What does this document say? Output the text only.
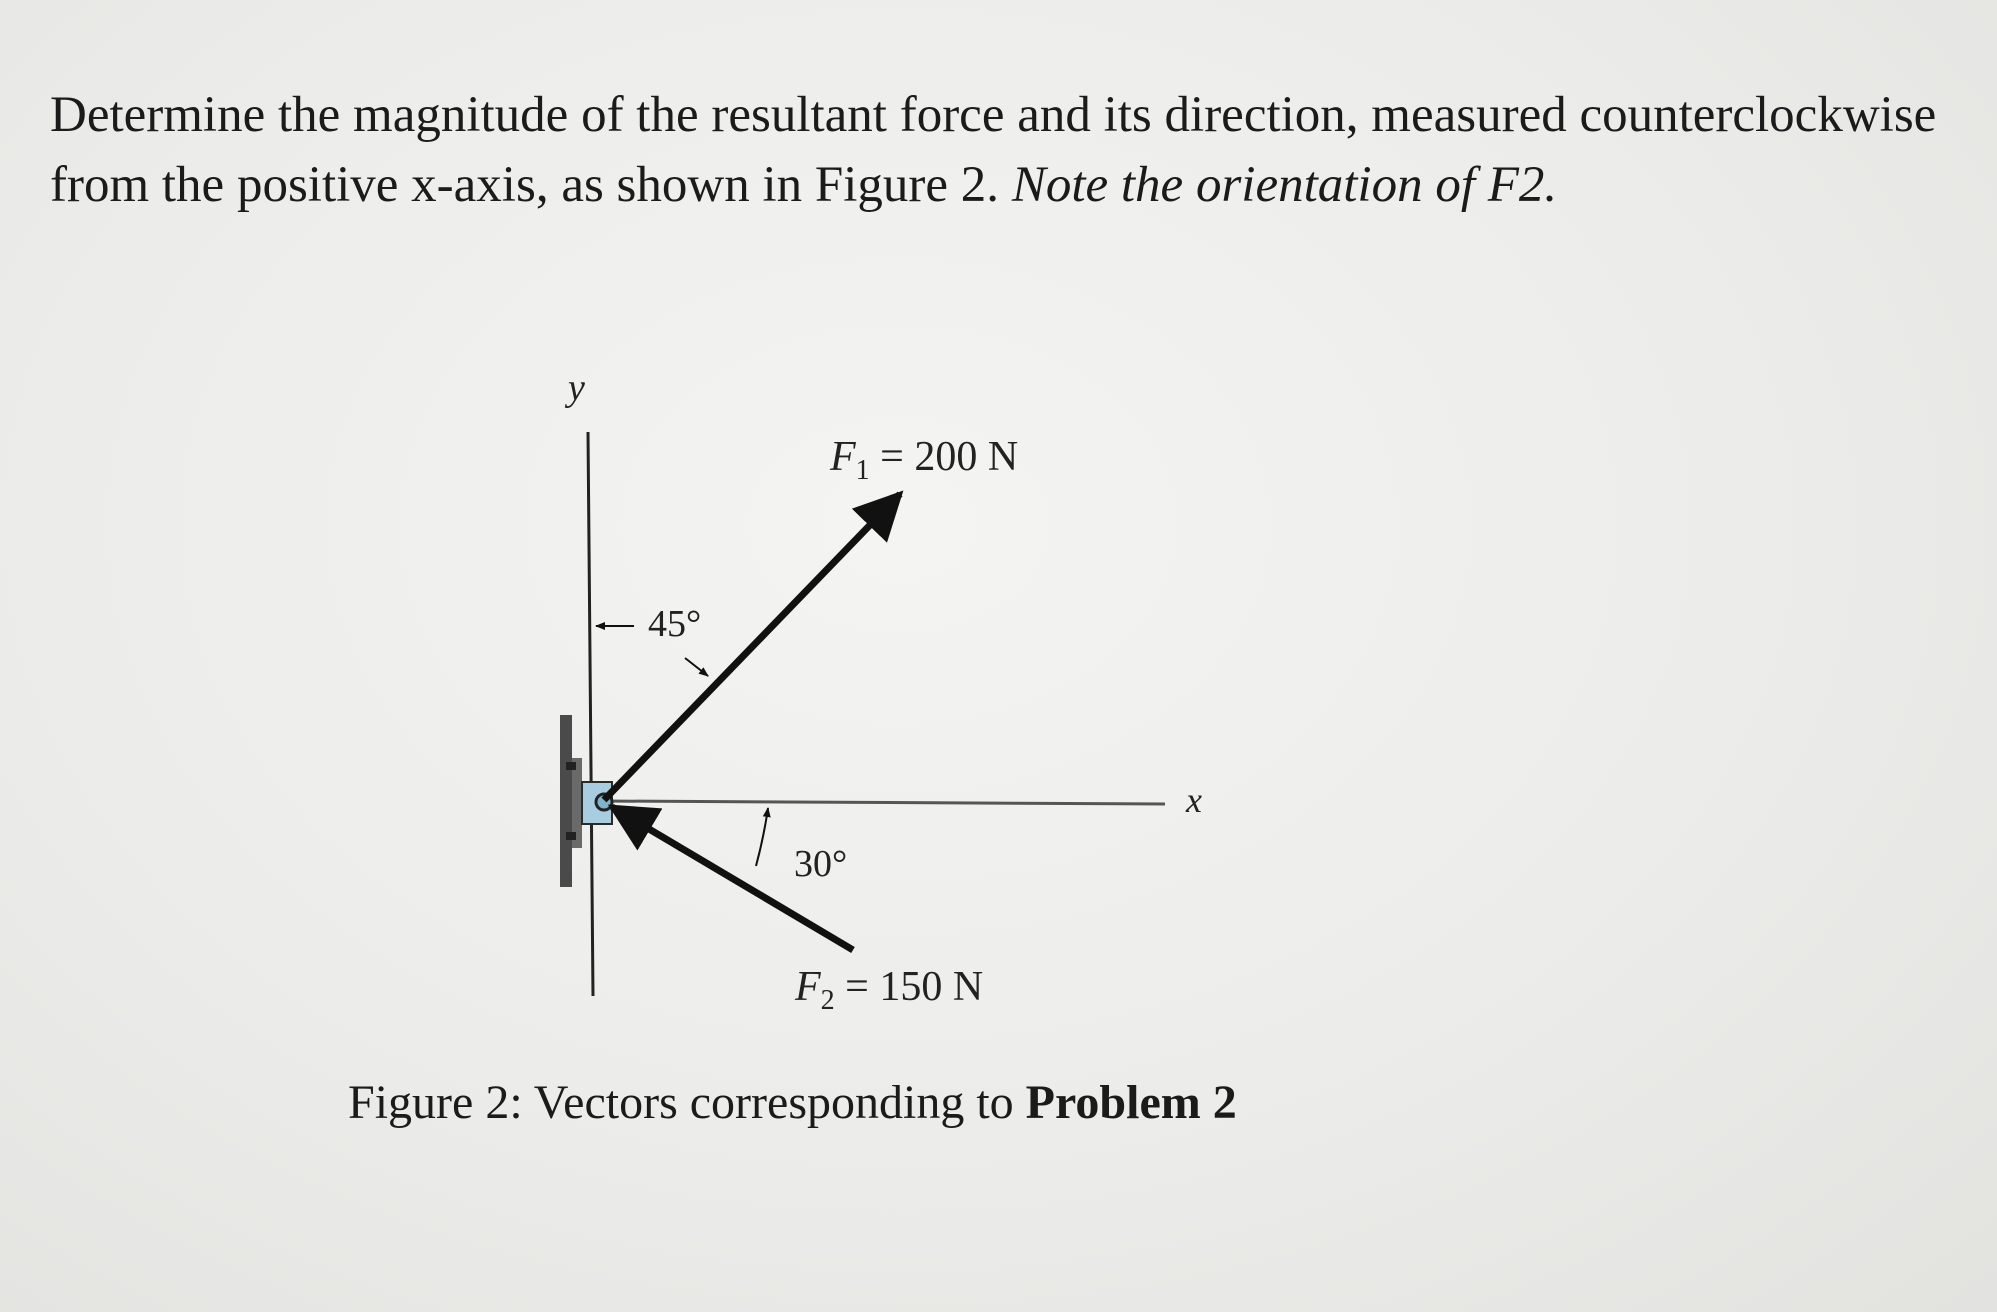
Determine the magnitude of the resultant force and its direction, measured counterclockwise from the positive x-axis, as shown in Figure 2. Note the orientation of F2.

y
x
45°
30°
$F_1 = 200$ N
$F_2 = 150$ N

Figure 2: Vectors corresponding to Problem 2
